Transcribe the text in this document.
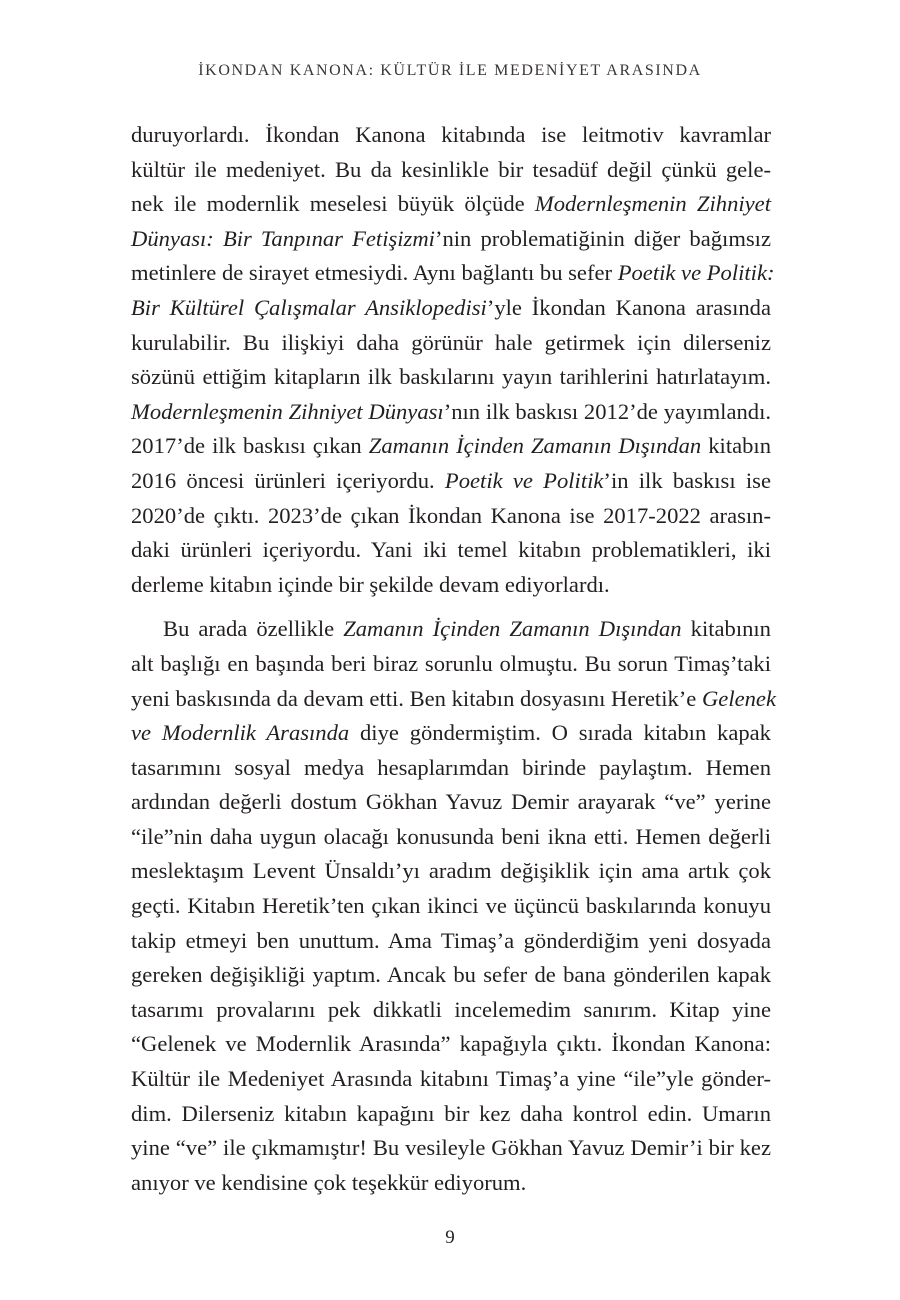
İKONDAN KANONA: KÜLTÜR İLE MEDENİYET ARASINDA
duruyorlardı. İkondan Kanona kitabında ise leitmotiv kavramlar
kültür ile medeniyet. Bu da kesinlikle bir tesadüf değil çünkü gele-
nek ile modernlik meselesi büyük ölçüde Modernleşmenin Zihniyet
Dünyası: Bir Tanpınar Fetişizmi’nin problematiğinin diğer bağımsız
metinlere de sirayet etmesiydi. Aynı bağlantı bu sefer Poetik ve Politik:
Bir Kültürel Çalışmalar Ansiklopedisi’yle İkondan Kanona arasında
kurulabilir. Bu ilişkiyi daha görünür hale getirmek için dilerseniz
sözünü ettiğim kitapların ilk baskılarını yayın tarihlerini hatırlatayım.
Modernleşmenin Zihniyet Dünyası’nın ilk baskısı 2012’de yayımlandı.
2017’de ilk baskısı çıkan Zamanın İçinden Zamanın Dışından kitabın
2016 öncesi ürünleri içeriyordu. Poetik ve Politik’in ilk baskısı ise
2020’de çıktı. 2023’de çıkan İkondan Kanona ise 2017-2022 arasın-
daki ürünleri içeriyordu. Yani iki temel kitabın problematikleri, iki
derleme kitabın içinde bir şekilde devam ediyorlardı.
Bu arada özellikle Zamanın İçinden Zamanın Dışından kitabının
alt başlığı en başında beri biraz sorunlu olmuştu. Bu sorun Timaş’taki
yeni baskısında da devam etti. Ben kitabın dosyasını Heretik’e Gelenek
ve Modernlik Arasında diye göndermiştim. O sırada kitabın kapak
tasarımını sosyal medya hesaplarımdan birinde paylaştım. Hemen
ardından değerli dostum Gökhan Yavuz Demir arayarak “ve” yerine
“ile”nin daha uygun olacağı konusunda beni ikna etti. Hemen değerli
meslektaşım Levent Ünsaldı’yı aradım değişiklik için ama artık çok
geçti. Kitabın Heretik’ten çıkan ikinci ve üçüncü baskılarında konuyu
takip etmeyi ben unuttum. Ama Timaş’a gönderdiğim yeni dosyada
gereken değişikliği yaptım. Ancak bu sefer de bana gönderilen kapak
tasarımı provalarını pek dikkatli incelemedim sanırım. Kitap yine
“Gelenek ve Modernlik Arasında” kapağıyla çıktı. İkondan Kanona:
Kültür ile Medeniyet Arasında kitabını Timaş’a yine “ile”yle gönder-
dim. Dilerseniz kitabın kapağını bir kez daha kontrol edin. Umarın
yine “ve” ile çıkmamıştır! Bu vesileyle Gökhan Yavuz Demir’i bir kez
anıyor ve kendisine çok teşekkür ediyorum.
9
